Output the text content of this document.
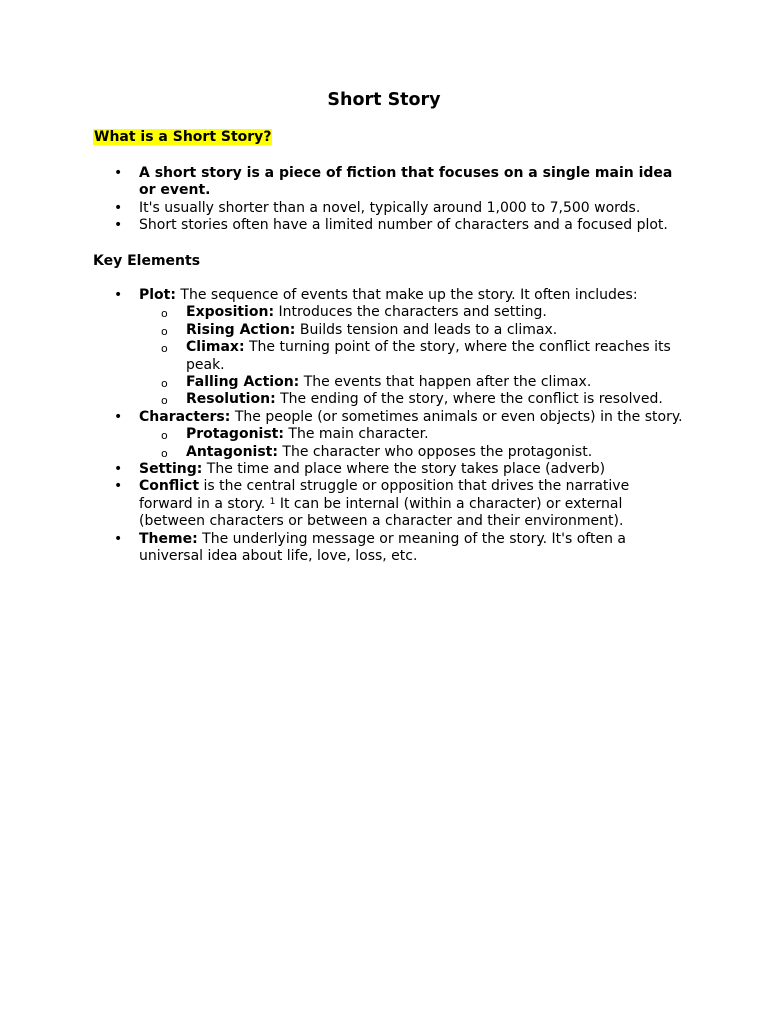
Short Story
What is a Short Story?
• A short story is a piece of fiction that focuses on a single main idea or event.
• It's usually shorter than a novel, typically around 1,000 to 7,500 words.
• Short stories often have a limited number of characters and a focused plot.
Key Elements
• Plot: The sequence of events that make up the story. It often includes:
o Exposition: Introduces the characters and setting.
o Rising Action: Builds tension and leads to a climax.
o Climax: The turning point of the story, where the conflict reaches its peak.
o Falling Action: The events that happen after the climax.
o Resolution: The ending of the story, where the conflict is resolved.
• Characters: The people (or sometimes animals or even objects) in the story.
o Protagonist: The main character.
o Antagonist: The character who opposes the protagonist.
• Setting: The time and place where the story takes place (adverb)
• Conflict is the central struggle or opposition that drives the narrative forward in a story. $^1$ It can be internal (within a character) or external (between characters or between a character and their environment).
• Theme: The underlying message or meaning of the story. It's often a universal idea about life, love, loss, etc.
